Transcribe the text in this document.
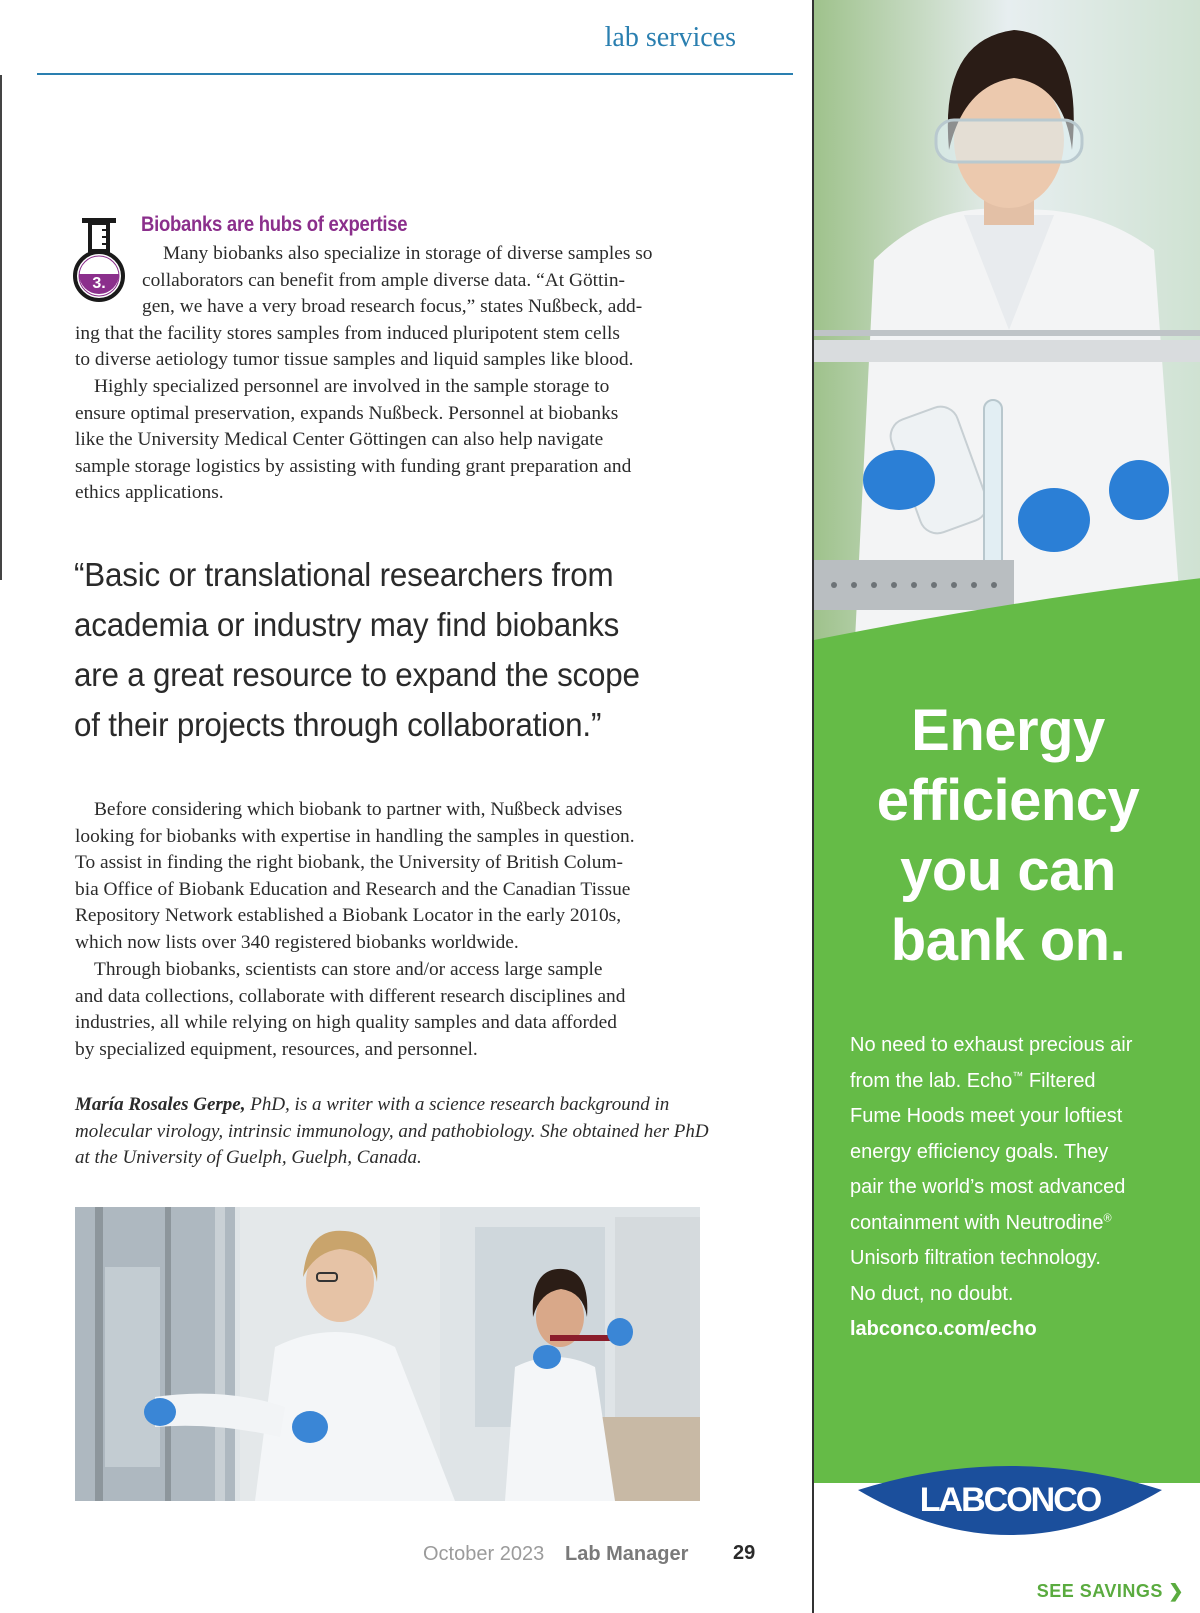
lab services
3.
Biobanks are hubs of expertise
Many biobanks also specialize in storage of diverse samples so
collaborators can benefit from ample diverse data. “At Göttin-
gen, we have a very broad research focus,” states Nußbeck, add-
ing that the facility stores samples from induced pluripotent stem cells
to diverse aetiology tumor tissue samples and liquid samples like blood.
Highly specialized personnel are involved in the sample storage to
ensure optimal preservation, expands Nußbeck. Personnel at biobanks
like the University Medical Center Göttingen can also help navigate
sample storage logistics by assisting with funding grant preparation and
ethics applications.
“Basic or translational researchers from
academia or industry may find biobanks
are a great resource to expand the scope
of their projects through collaboration.”
Before considering which biobank to partner with, Nußbeck advises
looking for biobanks with expertise in handling the samples in question.
To assist in finding the right biobank, the University of British Colum-
bia Office of Biobank Education and Research and the Canadian Tissue
Repository Network established a Biobank Locator in the early 2010s,
which now lists over 340 registered biobanks worldwide.
Through biobanks, scientists can store and/or access large sample
and data collections, collaborate with different research disciplines and
industries, all while relying on high quality samples and data afforded
by specialized equipment, resources, and personnel.
María Rosales Gerpe, PhD, is a writer with a science research background in
molecular virology, intrinsic immunology, and pathobiology. She obtained her PhD
at the University of Guelph, Guelph, Canada.
October 2023 Lab Manager 29
Energy
efficiency
you can
bank on.
No need to exhaust precious air
from the lab. Echo™ Filtered
Fume Hoods meet your loftiest
energy efficiency goals. They
pair the world’s most advanced
containment with Neutrodine®
Unisorb filtration technology.
No duct, no doubt.
labconco.com/echo
LABCONCO
SEE SAVINGS ❯
